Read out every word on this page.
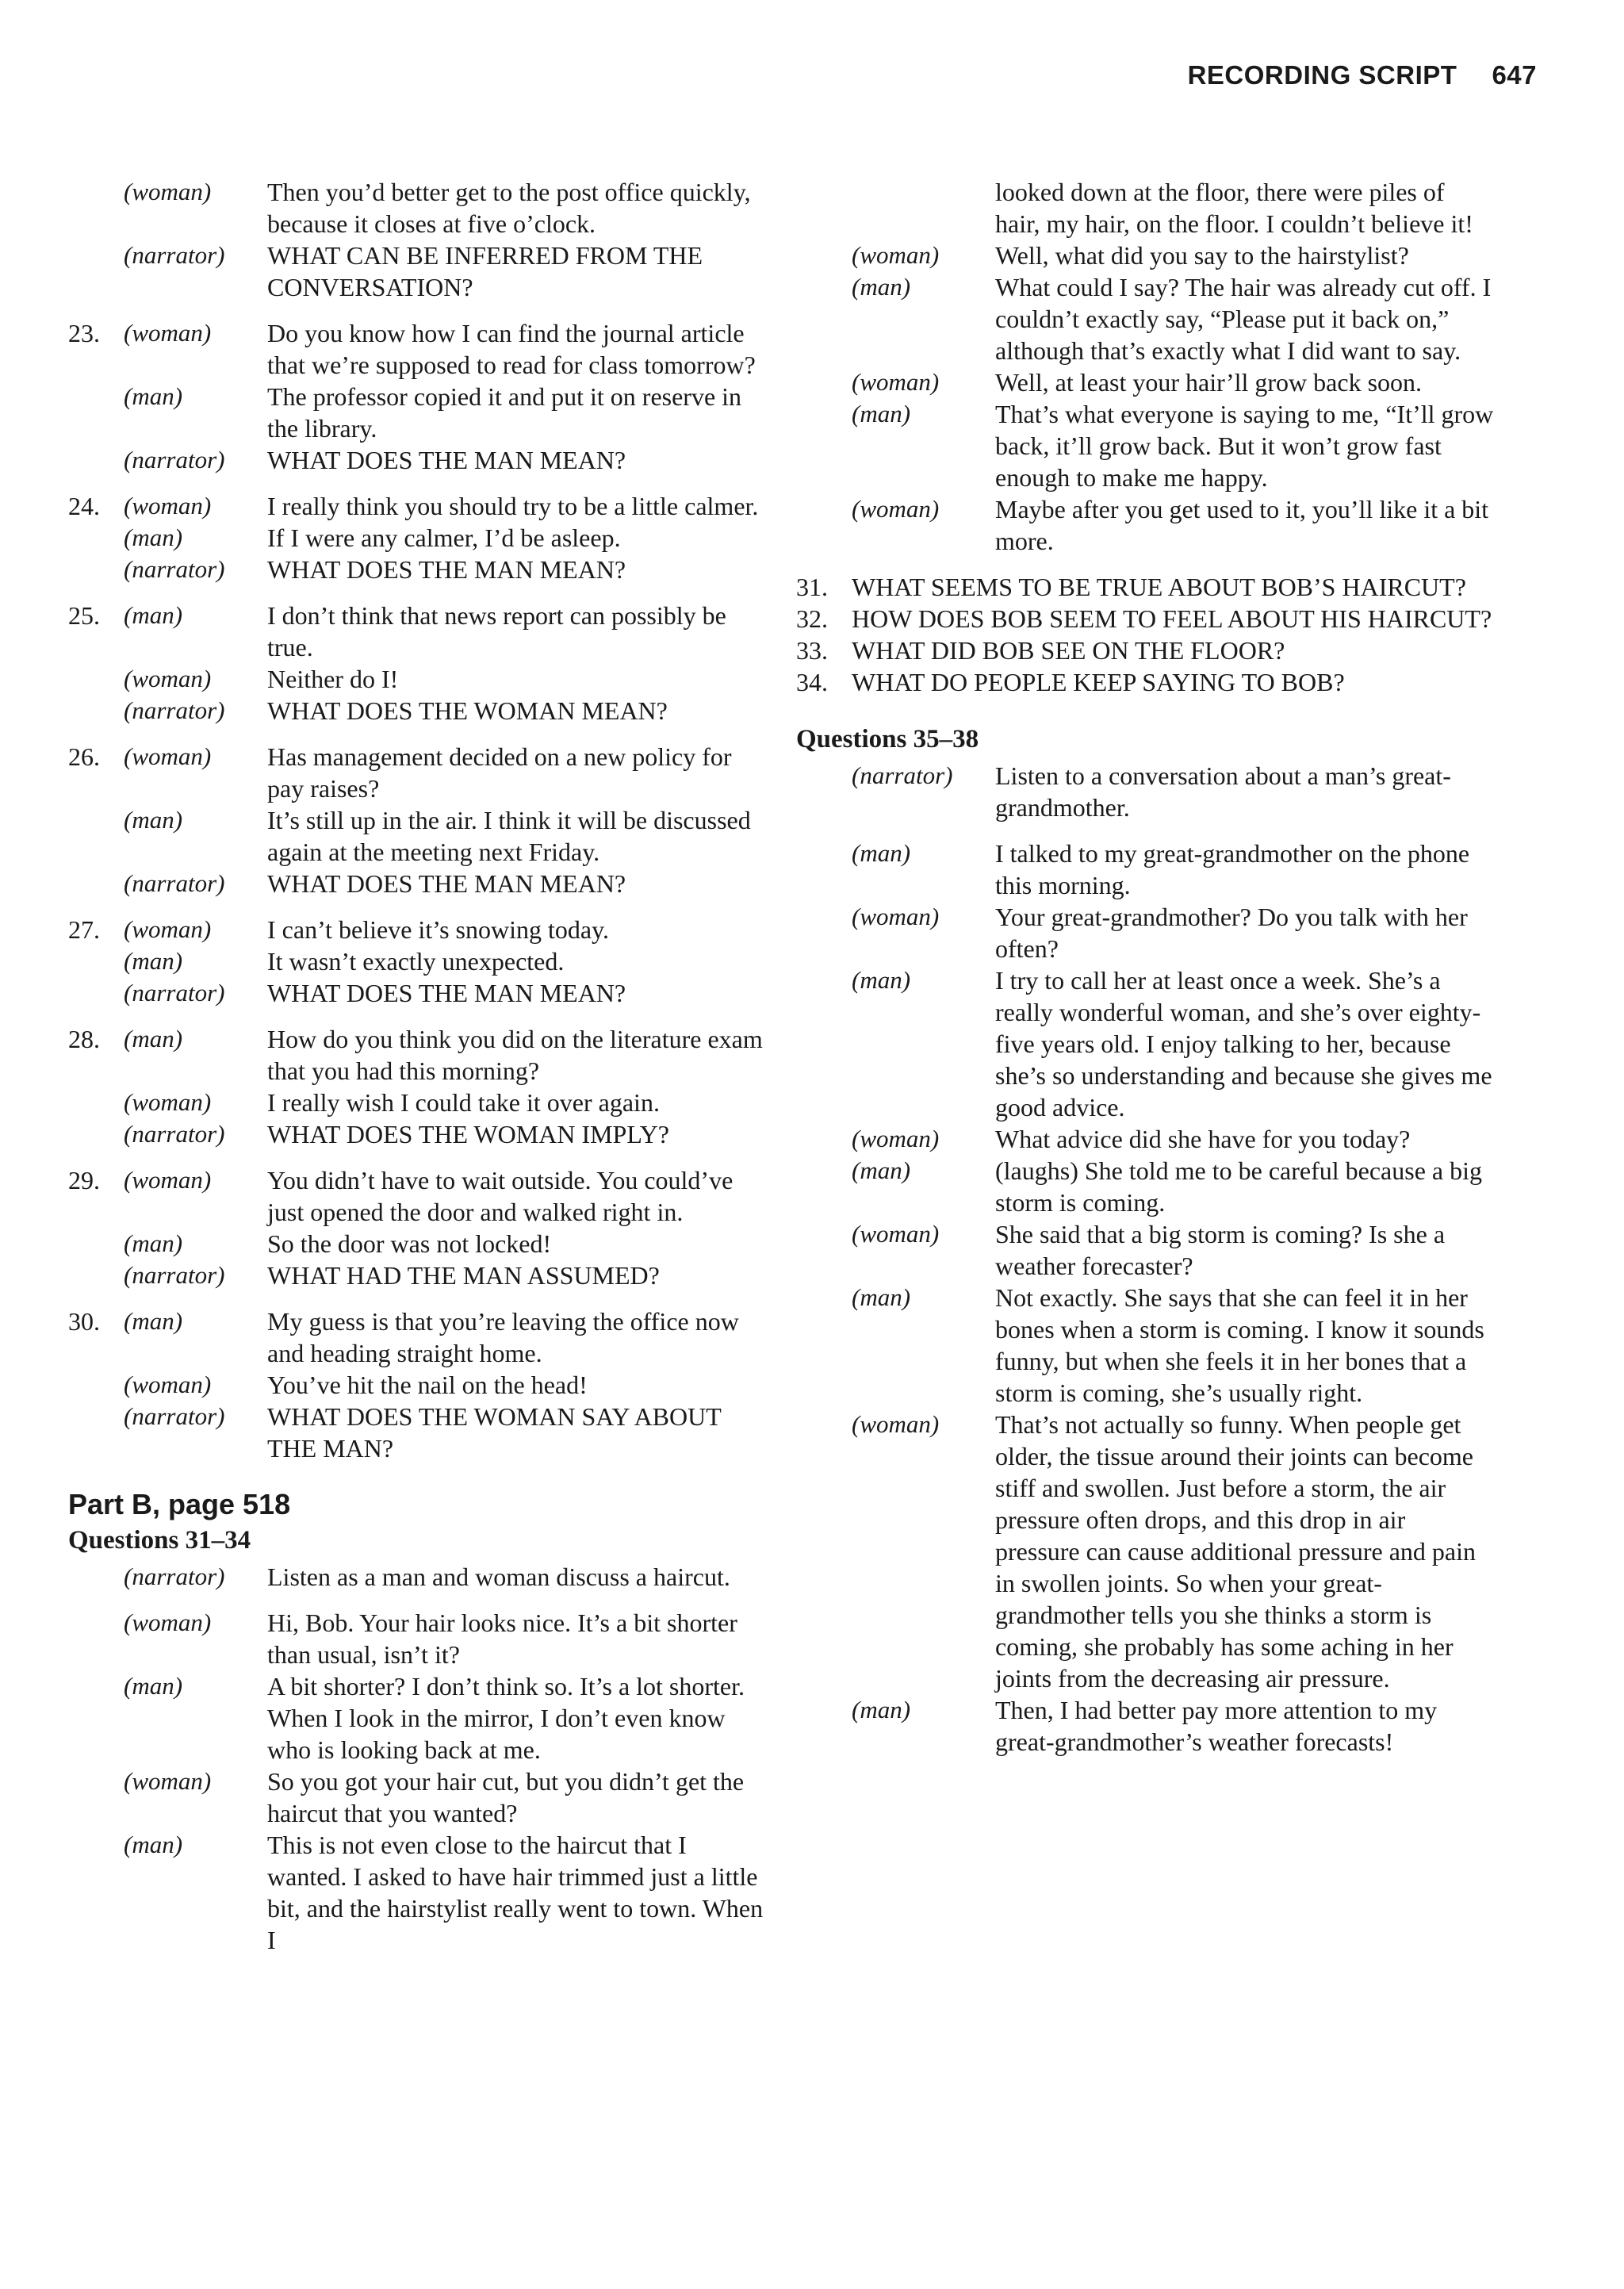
RECORDING SCRIPT 647
(woman)	Then you’d better get to the post office quickly, because it closes at five o’clock.
(narrator)	WHAT CAN BE INFERRED FROM THE CONVERSATION?
23. (woman)	Do you know how I can find the journal article that we’re supposed to read for class tomorrow?
(man)	The professor copied it and put it on reserve in the library.
(narrator)	WHAT DOES THE MAN MEAN?
24. (woman)	I really think you should try to be a little calmer.
(man)	If I were any calmer, I’d be asleep.
(narrator)	WHAT DOES THE MAN MEAN?
25. (man)	I don’t think that news report can possibly be true.
(woman)	Neither do I!
(narrator)	WHAT DOES THE WOMAN MEAN?
26. (woman)	Has management decided on a new policy for pay raises?
(man)	It’s still up in the air. I think it will be discussed again at the meeting next Friday.
(narrator)	WHAT DOES THE MAN MEAN?
27. (woman)	I can’t believe it’s snowing today.
(man)	It wasn’t exactly unexpected.
(narrator)	WHAT DOES THE MAN MEAN?
28. (man)	How do you think you did on the literature exam that you had this morning?
(woman)	I really wish I could take it over again.
(narrator)	WHAT DOES THE WOMAN IMPLY?
29. (woman)	You didn’t have to wait outside. You could’ve just opened the door and walked right in.
(man)	So the door was not locked!
(narrator)	WHAT HAD THE MAN ASSUMED?
30. (man)	My guess is that you’re leaving the office now and heading straight home.
(woman)	You’ve hit the nail on the head!
(narrator)	WHAT DOES THE WOMAN SAY ABOUT THE MAN?
Part B, page 518
Questions 31–34
(narrator)	Listen as a man and woman discuss a haircut.
(woman)	Hi, Bob. Your hair looks nice. It’s a bit shorter than usual, isn’t it?
(man)	A bit shorter? I don’t think so. It’s a lot shorter. When I look in the mirror, I don’t even know who is looking back at me.
(woman)	So you got your hair cut, but you didn’t get the haircut that you wanted?
(man)	This is not even close to the haircut that I wanted. I asked to have hair trimmed just a little bit, and the hairstylist really went to town. When I
looked down at the floor, there were piles of hair, my hair, on the floor. I couldn’t believe it!
(woman)	Well, what did you say to the hairstylist?
(man)	What could I say? The hair was already cut off. I couldn’t exactly say, “Please put it back on,” although that’s exactly what I did want to say.
(woman)	Well, at least your hair’ll grow back soon.
(man)	That’s what everyone is saying to me, “It’ll grow back, it’ll grow back. But it won’t grow fast enough to make me happy.
(woman)	Maybe after you get used to it, you’ll like it a bit more.
31. WHAT SEEMS TO BE TRUE ABOUT BOB’S HAIRCUT?
32. HOW DOES BOB SEEM TO FEEL ABOUT HIS HAIRCUT?
33. WHAT DID BOB SEE ON THE FLOOR?
34. WHAT DO PEOPLE KEEP SAYING TO BOB?
Questions 35–38
(narrator)	Listen to a conversation about a man’s great-grandmother.
(man)	I talked to my great-grandmother on the phone this morning.
(woman)	Your great-grandmother? Do you talk with her often?
(man)	I try to call her at least once a week. She’s a really wonderful woman, and she’s over eighty-five years old. I enjoy talking to her, because she’s so understanding and because she gives me good advice.
(woman)	What advice did she have for you today?
(man)	(laughs) She told me to be careful because a big storm is coming.
(woman)	She said that a big storm is coming? Is she a weather forecaster?
(man)	Not exactly. She says that she can feel it in her bones when a storm is coming. I know it sounds funny, but when she feels it in her bones that a storm is coming, she’s usually right.
(woman)	That’s not actually so funny. When people get older, the tissue around their joints can become stiff and swollen. Just before a storm, the air pressure often drops, and this drop in air pressure can cause additional pressure and pain in swollen joints. So when your great-grandmother tells you she thinks a storm is coming, she probably has some aching in her joints from the decreasing air pressure.
(man)	Then, I had better pay more attention to my great-grandmother’s weather forecasts!
